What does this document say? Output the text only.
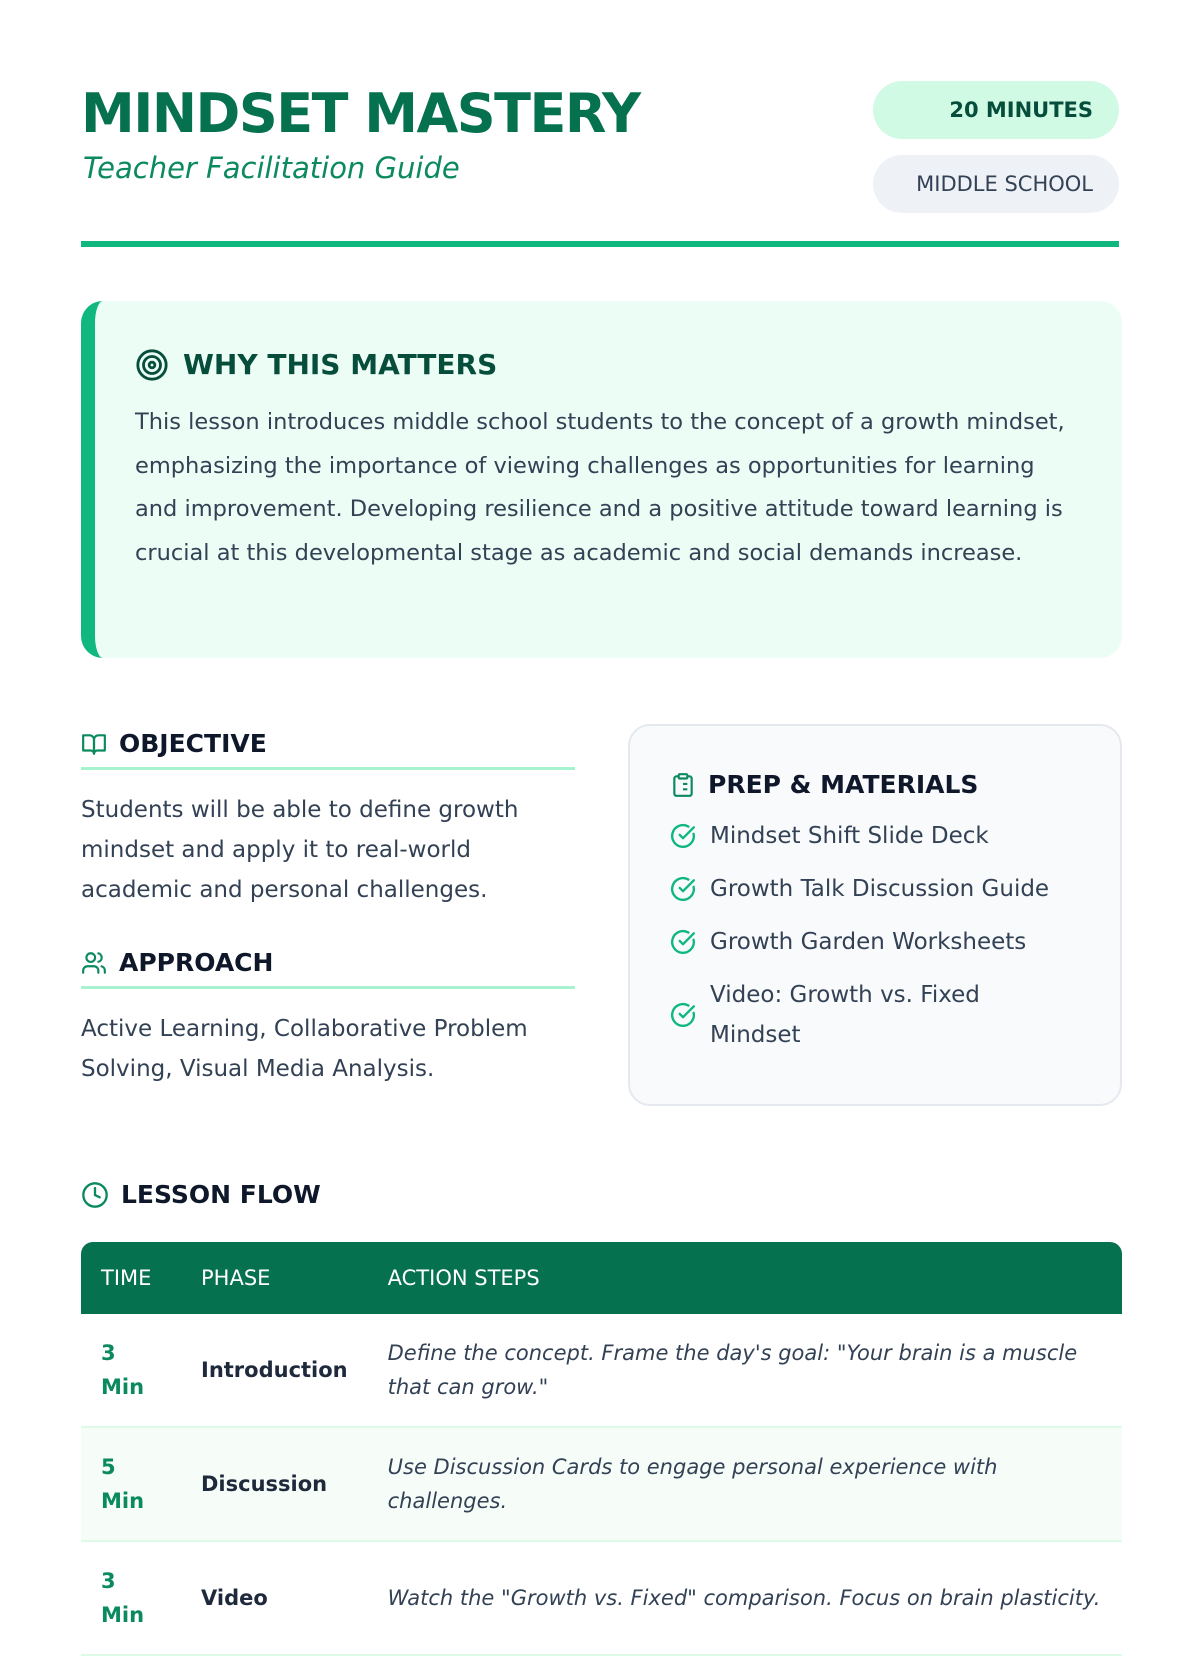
MINDSET MASTERY

Teacher Facilitation Guide

20 MINUTES
MIDDLE SCHOOL
WHY THIS MATTERS

This lesson introduces middle school students to the concept of a growth mindset, emphasizing the importance of viewing challenges as opportunities for learning and improvement. Developing resilience and a positive attitude toward learning is crucial at this developmental stage as academic and social demands increase.

OBJECTIVE

Students will be able to define growth mindset and apply it to real-world academic and personal challenges.

APPROACH

Active Learning, Collaborative Problem Solving, Visual Media Analysis.

PREP & MATERIALS
Mindset Shift Slide Deck
Growth Talk Discussion Guide
Growth Garden Worksheets
Video: Growth vs. Fixed Mindset
LESSON FLOW
TIME	PHASE	ACTION STEPS

3
Min	Introduction	Define the concept. Frame the day's goal: "Your brain is a muscle that can grow."

5
Min	Discussion	Use Discussion Cards to engage personal experience with challenges.

3
Min	Video	Watch the "Growth vs. Fixed" comparison. Focus on brain plasticity.
